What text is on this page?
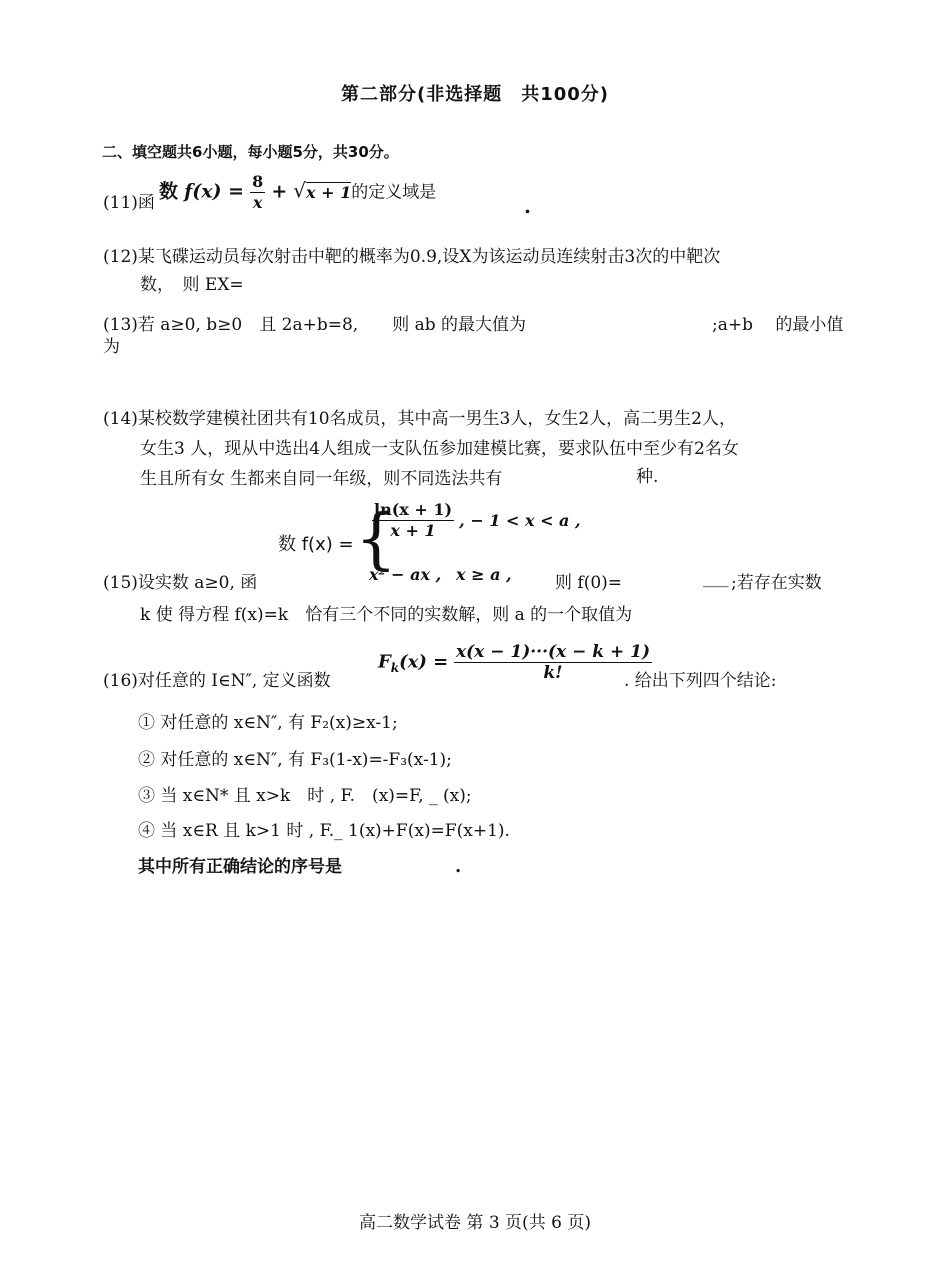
第二部分(非选择题　共100分)
二、填空题共6小题，每小题5分，共30分。
(11)函
数 $f(x) = \frac{8}{x} + √x + 1$的定义域是
.
(12)某飞碟运动员每次射击中靶的概率为0.9,设X为该运动员连续射击3次的中靶次
数，　则 EX=
(13)若 a≥0, b≥0　且 2a+b=8,　　则 ab 的最大值为	;a+b　 的最小值
为
(14)某校数学建模社团共有10名成员，其中高一男生3人，女生2人，高二男生2人，
女生3 人，现从中选出4人组成一支队伍参加建模比赛，要求队伍中至少有2名女
生且所有女 生都来自同一年级，则不同选法共有	种.
数 f(x) = {
$\frac{\ln(x + 1)}{x + 1}$ , − 1 < x < a ,
x² − ax , x ≥ a ,
(15)设实数 a≥0, 函	则 f(0)=	___ ;若存在实数
k 使 得方程 f(x)=k　恰有三个不同的实数解，则 a 的一个取值为
(16)对任意的 I∈N″, 定义函数
$F_k(x) = \frac{x(x - 1)\cdot\cdot\cdot(x - k + 1)}{k!}$
. 给出下列四个结论:
① 对任意的 x∈N″, 有 F₂(x)≥x-1;
② 对任意的 x∈N″, 有 F₃(1-x)=-F₃(x-1);
③ 当 x∈N* 且 x>k　时 , F.　(x)=F, _ (x);
④ 当 x∈R 且 k>1 时 , F._ 1(x)+F(x)=F(x+1).
其中所有正确结论的序号是	.
高二数学试卷 第 3 页(共 6 页)
